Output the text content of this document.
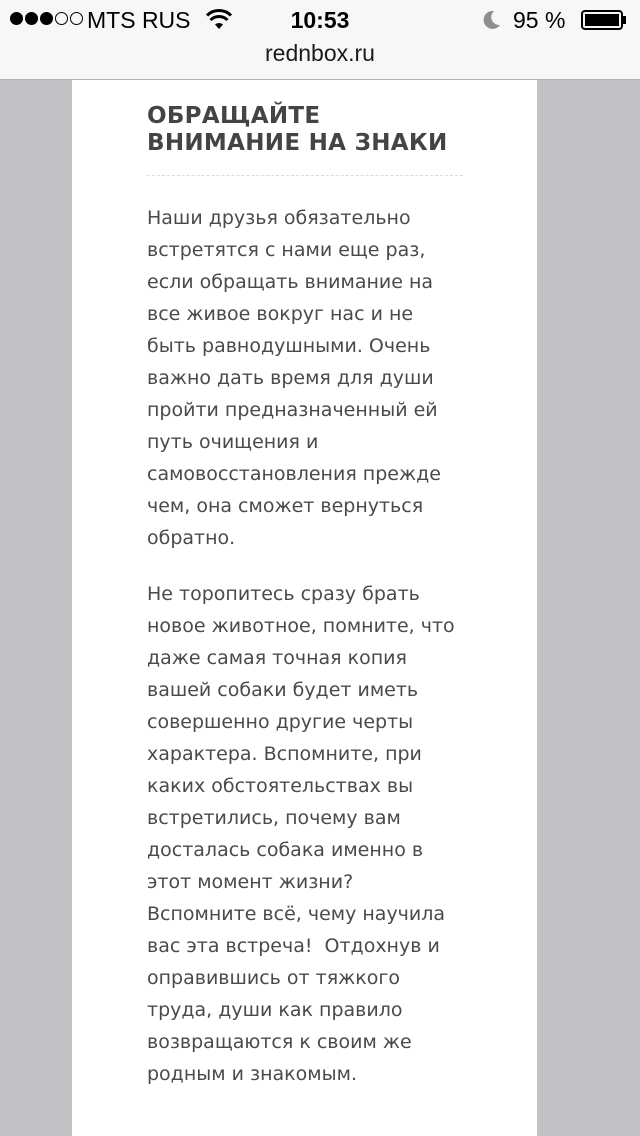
MTS RUS	10:53	95 %
rednbox.ru
ОБРАЩАЙТЕ ВНИМАНИЕ НА ЗНАКИ

Наши друзья обязательно встретятся с нами еще раз, если обращать внимание на все живое вокруг нас и не быть равнодушными. Очень важно дать время для души пройти предназначенный ей путь очищения и самовосстановления прежде чем, она сможет вернуться обратно.

Не торопитесь сразу брать новое животное, помните, что даже самая точная копия вашей собаки будет иметь совершенно другие черты характера. Вспомните, при каких обстоятельствах вы встретились, почему вам досталась собака именно в этот момент жизни? Вспомните всё, чему научила вас эта встреча!  Отдохнув и оправившись от тяжкого труда, души как правило возвращаются к своим же родным и знакомым.
